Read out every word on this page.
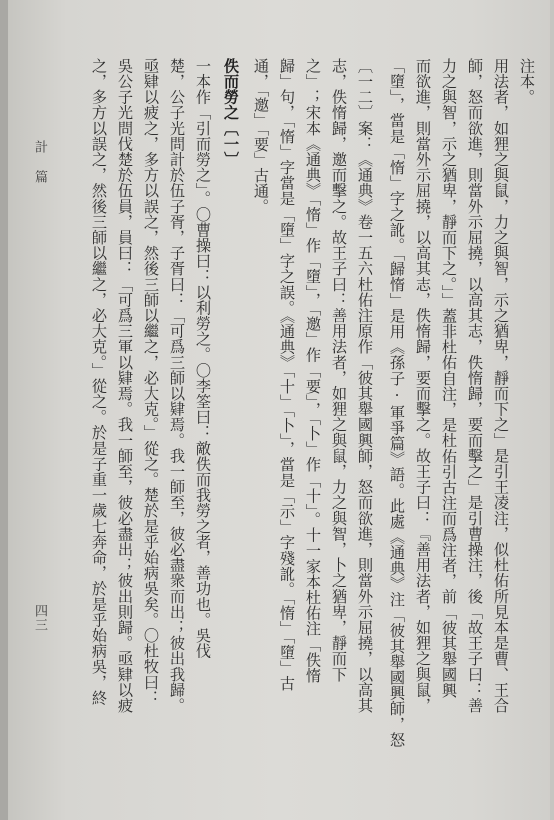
計 篇
四三
注本。
用法者，如狸之與鼠，力之與智，示之猶卑，靜而下之」是引王凌注，似杜佑所見本是曹、王合
師，怒而欲進，則當外示屈撓，以高其志，佚惰歸，要而擊之」是引曹操注，後「故王子曰：善
力之與智，示之猶卑，靜而下之。」」蓋非杜佑自注，是杜佑引古注而爲注者，前「彼其舉國興
而欲進，則當外示屈撓，以高其志，佚惰歸，要而擊之。故王子曰：『善用法者，如狸之與鼠，
「墮」，當是「惰」字之訛。「歸惰」是用《孫子·軍爭篇》語。此處《通典》注「彼其舉國興師，怒
〔一二〕案：《通典》卷一五六杜佑注原作「彼其舉國興師，怒而欲進，則當外示屈撓，以高其
志，佚惰歸，邀而擊之。故王子曰：善用法者，如狸之與鼠，力之與智，卜之猶卑，靜而下
之」；宋本《通典》「惰」作「墮」，「邀」作「要」，「卜」作「十」。十一家本杜佑注「佚惰
歸」句，「惰」字當是「墮」字之誤。《通典》「十」「卜」，當是「示」字殘訛。「惰」「墮」古
通，「邀」「要」古通。
佚而勞之〔一〕
一本作「引而勞之」。〇曹操曰：以利勞之。〇李筌曰：敵佚而我勞之者，善功也。吳伐
楚，公子光問計於伍子胥，子胥曰：「可爲三師以肄焉。我一師至，彼必盡衆而出；彼出我歸。
亟肄以疲之，多方以誤之，然後三師以繼之，必大克。」從之。楚於是乎始病吳矣。〇杜牧曰：
吳公子光問伐楚於伍員，員曰：「可爲三軍以肄焉。我一師至，彼必盡出；彼出則歸。亟肄以疲
之，多方以誤之，然後三師以繼之，必大克。」從之。於是子重一歲七奔命，於是乎始病吳，終
